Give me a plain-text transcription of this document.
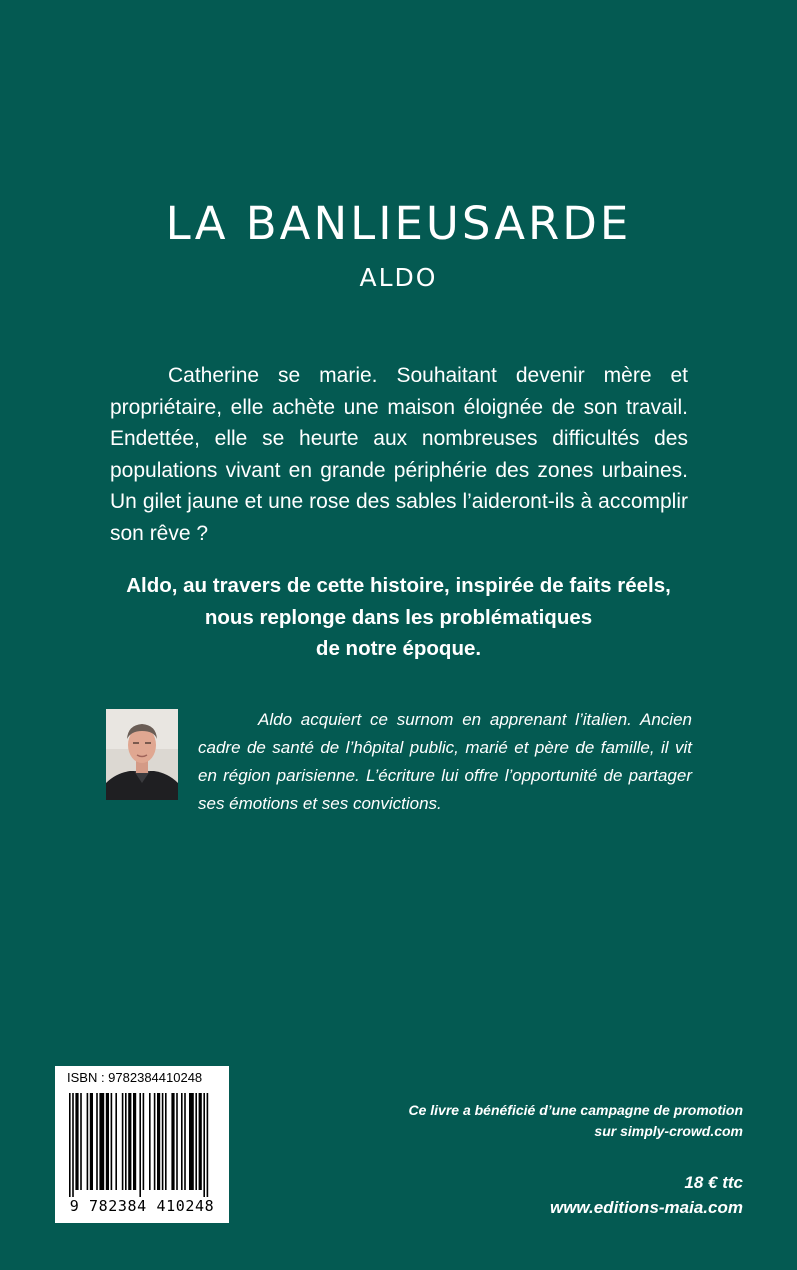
LA BANLIEUSARDE
ALDO

Catherine se marie. Souhaitant devenir mère et propriétaire, elle achète une maison éloignée de son travail. Endettée, elle se heurte aux nombreuses difficultés des populations vivant en grande périphérie des zones urbaines. Un gilet jaune et une rose des sables l’aideront-ils à accomplir son rêve ?

Aldo, au travers de cette histoire, inspirée de faits réels,
nous replonge dans les problématiques
de notre époque.

Aldo acquiert ce surnom en apprenant l’italien. Ancien cadre de santé de l’hôpital public, marié et père de famille, il vit en région parisienne. L’écriture lui offre l’opportunité de partager ses émotions et ses convictions.

ISBN : 9782384410248
9 782384 410248
Ce livre a bénéficié d’une campagne de promotion
sur simply-crowd.com
18 € ttc
www.editions-maia.com
